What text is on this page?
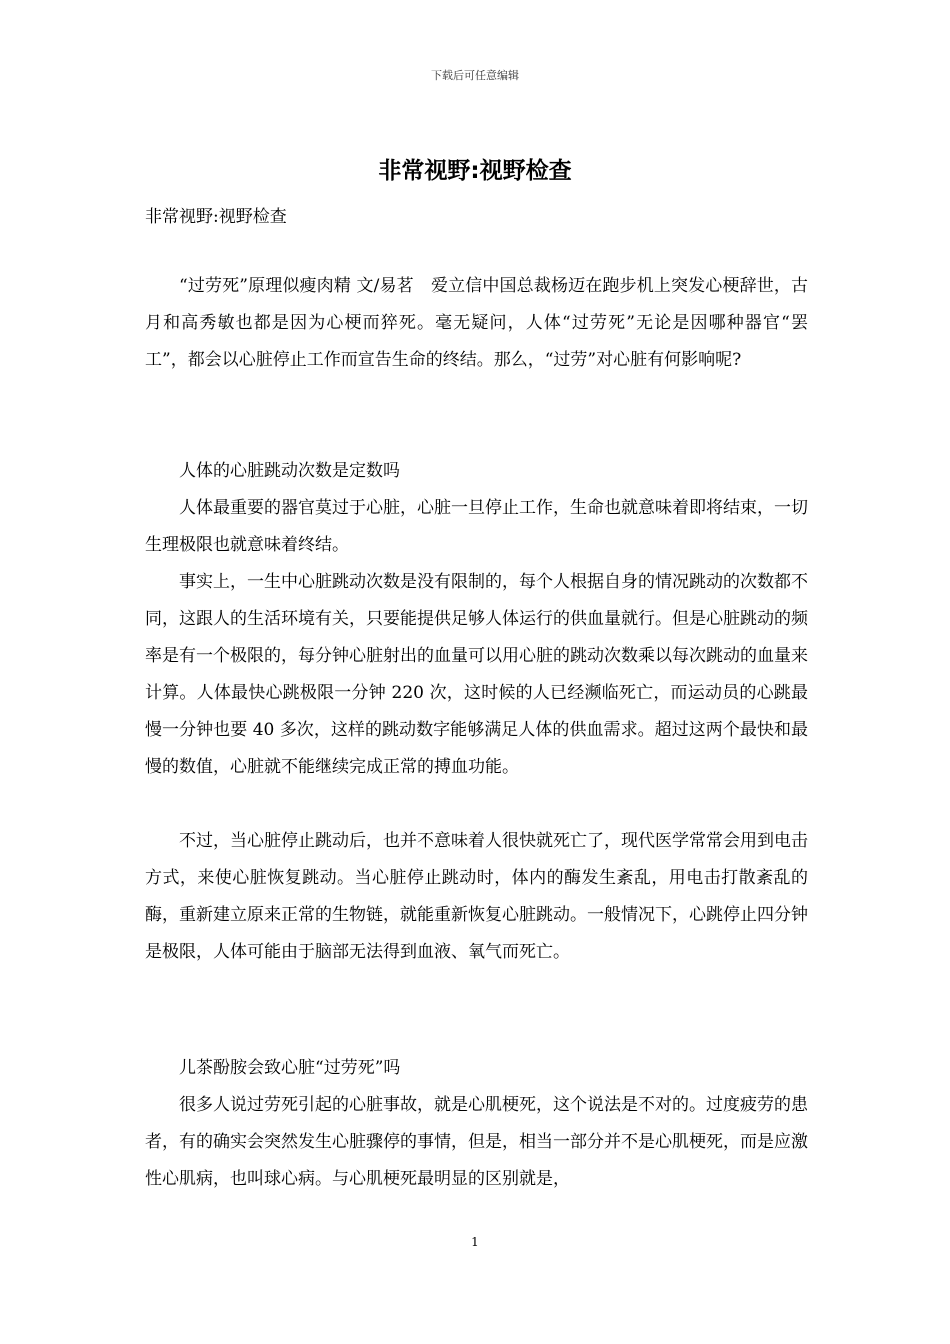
下载后可任意编辑
非常视野:视野检查
非常视野:视野检查

“过劳死”原理似瘦肉精 文/易茗　爱立信中国总裁杨迈在跑步机上突发心梗辞世，古月和高秀敏也都是因为心梗而猝死。毫无疑问，人体“过劳死”无论是因哪种器官“罢工”，都会以心脏停止工作而宣告生命的终结。那么，“过劳”对心脏有何影响呢?

人体的心脏跳动次数是定数吗

人体最重要的器官莫过于心脏，心脏一旦停止工作，生命也就意味着即将结束，一切生理极限也就意味着终结。

事实上，一生中心脏跳动次数是没有限制的，每个人根据自身的情况跳动的次数都不同，这跟人的生活环境有关，只要能提供足够人体运行的供血量就行。但是心脏跳动的频率是有一个极限的，每分钟心脏射出的血量可以用心脏的跳动次数乘以每次跳动的血量来计算。人体最快心跳极限一分钟 220 次，这时候的人已经濒临死亡，而运动员的心跳最慢一分钟也要 40 多次，这样的跳动数字能够满足人体的供血需求。超过这两个最快和最慢的数值，心脏就不能继续完成正常的搏血功能。

不过，当心脏停止跳动后，也并不意味着人很快就死亡了，现代医学常常会用到电击方式，来使心脏恢复跳动。当心脏停止跳动时，体内的酶发生紊乱，用电击打散紊乱的酶，重新建立原来正常的生物链，就能重新恢复心脏跳动。一般情况下，心跳停止四分钟是极限，人体可能由于脑部无法得到血液、氧气而死亡。

儿茶酚胺会致心脏“过劳死”吗

很多人说过劳死引起的心脏事故，就是心肌梗死，这个说法是不对的。过度疲劳的患者，有的确实会突然发生心脏骤停的事情，但是，相当一部分并不是心肌梗死，而是应激性心肌病，也叫球心病。与心肌梗死最明显的区别就是，

1
